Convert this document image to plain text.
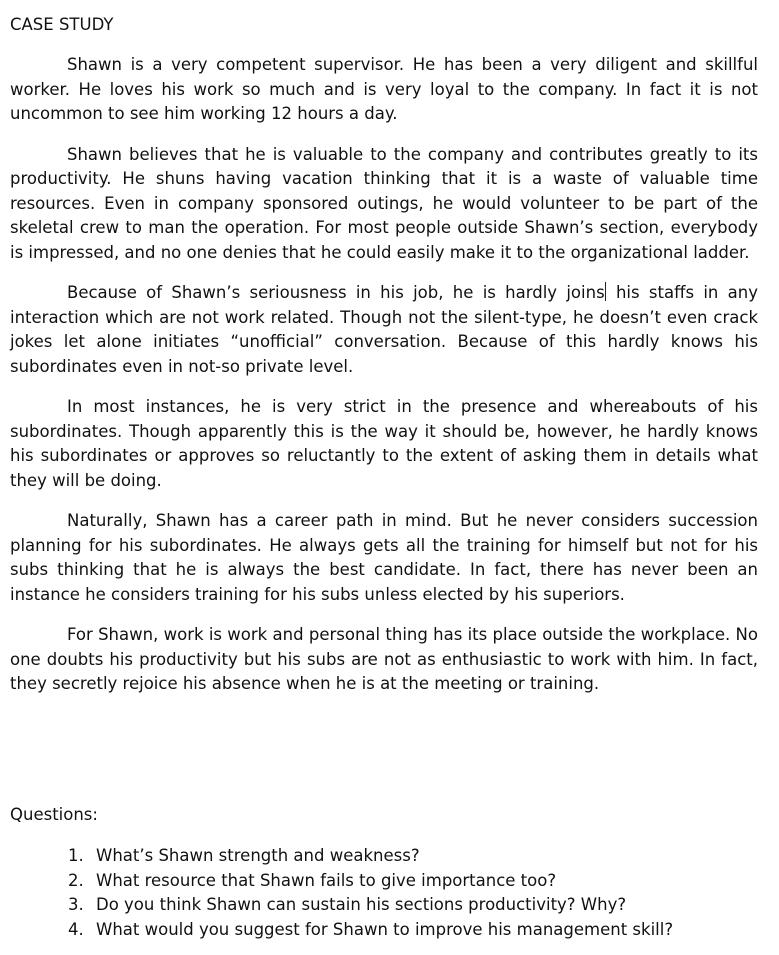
CASE STUDY

Shawn is a very competent supervisor. He has been a very diligent and skillful worker. He loves his work so much and is very loyal to the company. In fact it is not uncommon to see him working 12 hours a day.

Shawn believes that he is valuable to the company and contributes greatly to its productivity. He shuns having vacation thinking that it is a waste of valuable time resources. Even in company sponsored outings, he would volunteer to be part of the skeletal crew to man the operation. For most people outside Shawn’s section, everybody is impressed, and no one denies that he could easily make it to the organizational ladder.

Because of Shawn’s seriousness in his job, he is hardly joins his staffs in any interaction which are not work related. Though not the silent-type, he doesn’t even crack jokes let alone initiates “unofficial” conversation. Because of this hardly knows his subordinates even in not-so private level.

In most instances, he is very strict in the presence and whereabouts of his subordinates. Though apparently this is the way it should be, however, he hardly knows his subordinates or approves so reluctantly to the extent of asking them in details what they will be doing.

Naturally, Shawn has a career path in mind. But he never considers succession planning for his subordinates. He always gets all the training for himself but not for his subs thinking that he is always the best candidate. In fact, there has never been an instance he considers training for his subs unless elected by his superiors.

For Shawn, work is work and personal thing has its place outside the workplace. No one doubts his productivity but his subs are not as enthusiastic to work with him. In fact, they secretly rejoice his absence when he is at the meeting or training.

Questions:
1. What’s Shawn strength and weakness?
2. What resource that Shawn fails to give importance too?
3. Do you think Shawn can sustain his sections productivity? Why?
4. What would you suggest for Shawn to improve his management skill?
